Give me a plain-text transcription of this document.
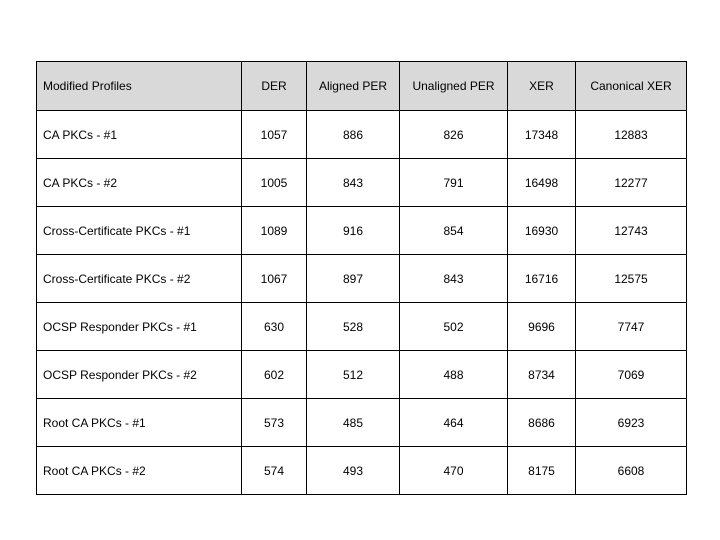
Modified Profiles	DER	Aligned PER	Unaligned PER	XER	Canonical XER
CA PKCs - #1	1057	886	826	17348	12883
CA PKCs - #2	1005	843	791	16498	12277
Cross-Certificate PKCs - #1	1089	916	854	16930	12743
Cross-Certificate PKCs - #2	1067	897	843	16716	12575
OCSP Responder PKCs - #1	630	528	502	9696	7747
OCSP Responder PKCs - #2	602	512	488	8734	7069
Root CA PKCs - #1	573	485	464	8686	6923
Root CA PKCs - #2	574	493	470	8175	6608
